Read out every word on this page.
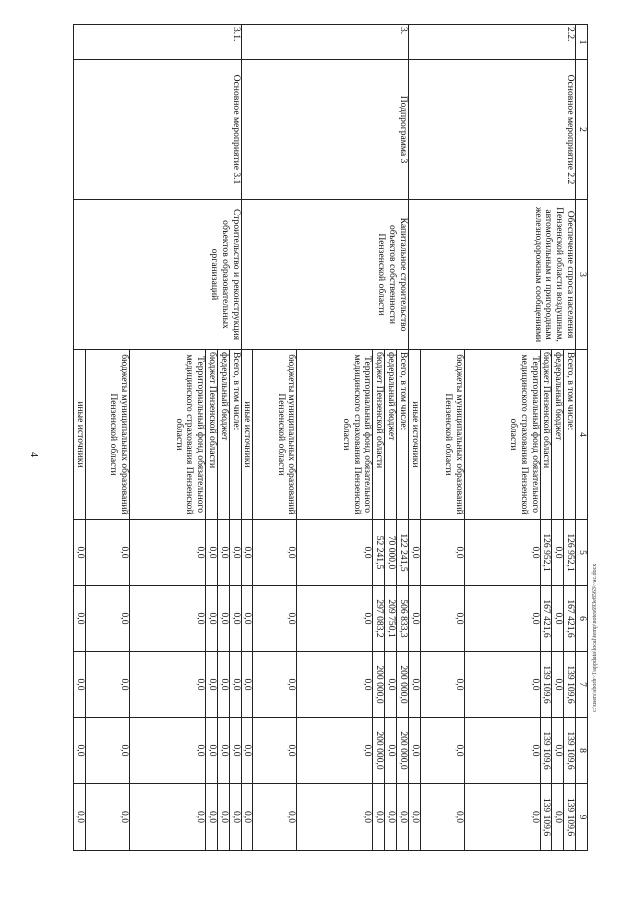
4
1	2	3	4	5	6	7	8	9
2.2.	Основное мероприятие 2.2	Обеспечение спроса населения Пензенской области воздушным, автомобильным и пригородным железнодорожным сообщениями	Всего, в том числе:	126 952,1	167 421,6	139 109,6	139 109,6	139 109,6
			федеральный бюджет	0,0	0,0	0,0	0,0	0,0
			бюджет Пензенской области	126 952,1	167 421,6	139 109,6	139 109,6	139 109,6
			Территориальный фонд обязательного медицинского страхования Пензенской области	0,0	0,0	0,0	0,0	0,0
			бюджеты муниципальных образований Пензенской области	0,0	0,0	0,0	0,0	0,0
			иные источники	0,0	0,0	0,0	0,0	0,0
3.	Подпрограмма 3	Капитальное строительство объектов собственности Пензенской области	Всего, в том числе:	122 241,5	506 833,3	200 000,0	200 000,0	0,0
			федеральный бюджет	70 000,0	209 750,1	0,0	0,0	0,0
			бюджет Пензенской области	52 241,5	297 083,2	200 000,0	200 000,0	0,0
			Территориальный фонд обязательного медицинского страхования Пензенской области	0,0	0,0	0,0	0,0	0,0
			бюджеты муниципальных образований Пензенской области	0,0	0,0	0,0	0,0	0,0
			иные источники	0,0	0,0	0,0	0,0	0,0
3.1.	Основное мероприятие 3.1	Строительство и реконструкция объектов образовательных организаций	Всего, в том числе:	0,0	0,0	0,0	0,0	0,0
			федеральный бюджет	0,0	0,0	0,0	0,0	0,0
			бюджет Пензенской области	0,0	0,0	0,0	0,0	0,0
			Территориальный фонд обязательного медицинского страхования Пензенской области	0,0	0,0	0,0	0,0	0,0
			бюджеты муниципальных образований Пензенской области	0,0	0,0	0,0	0,0	0,0
			иные источники	0,0	0,0	0,0	0,0	0,0
c:\users\sborh~1\appdata\local\temp\notes693e8563\~ac.docx
